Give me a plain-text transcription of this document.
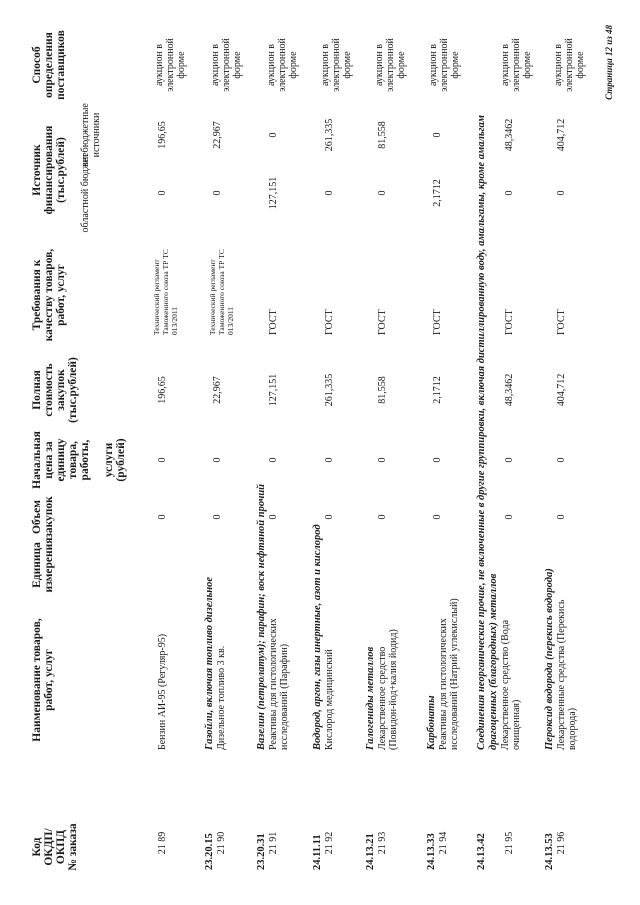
Код ОКДП/ ОКПД № заказа
Наименование товаров, работ, услуг
Единица измерения
Объем закупок
Начальная цена за единицу товара, работы, услуги (рублей)
Полная стоимость закупок (тыс.рублей)
Требования к качеству товаров, работ, услуг
Источник финансирования (тыс.рублей) областной бюджет
внебюджетные источники
Способ определения поставщиков
21 89
Бензин АИ-95 (Регуляр-95)
0
0
196,65
Технический регламент Таможенного союза ТР ТС 013/2011
0
196,65
аукцион в электронной форме
23.20.15
Газойли, включая топливо дизельное
21 90
Дизельное топливо 3 кв.
0
0
22,967
Технический регламент Таможенного союза ТР ТС 013/2011
0
22,967
аукцион в электронной форме
23.20.31
Вазелин (петролатум); парафин; воск нефтяной прочий
21 91
Реактивы для гистологических исследований (Парафин)
0
0
127,151
ГОСТ
127,151
0
аукцион в электронной форме
24.11.11
Водород, аргон, газы инертные, азот и кислород
21 92
Кислород медицинский
0
0
261,335
ГОСТ
0
261,335
аукцион в электронной форме
24.13.21
Галогениды металлов
21 93
Лекарственное средство (Повидон-йод+калия йодид)
0
0
81,558
ГОСТ
0
81,558
аукцион в электронной форме
24.13.33
Карбонаты
21 94
Реактивы для гистологических исследований (Натрий углекислый)
0
0
2,1712
ГОСТ
2,1712
0
аукцион в электронной форме
24.13.42
Соединения неорганические прочие, не включенные в другие группировки, включая дистиллированную воду, амальгамы, кроме амальгам драгоценных (благородных) металлов
21 95
Лекарственное средство (Вода очищенная)
0
0
48,3462
ГОСТ
0
48,3462
аукцион в электронной форме
24.13.53
Пероксид водорода (перекись водорода)
21 96
Лекарственные средства (Перекись водорода)
0
0
404,712
ГОСТ
0
404,712
аукцион в электронной форме Страница 12 из 48
